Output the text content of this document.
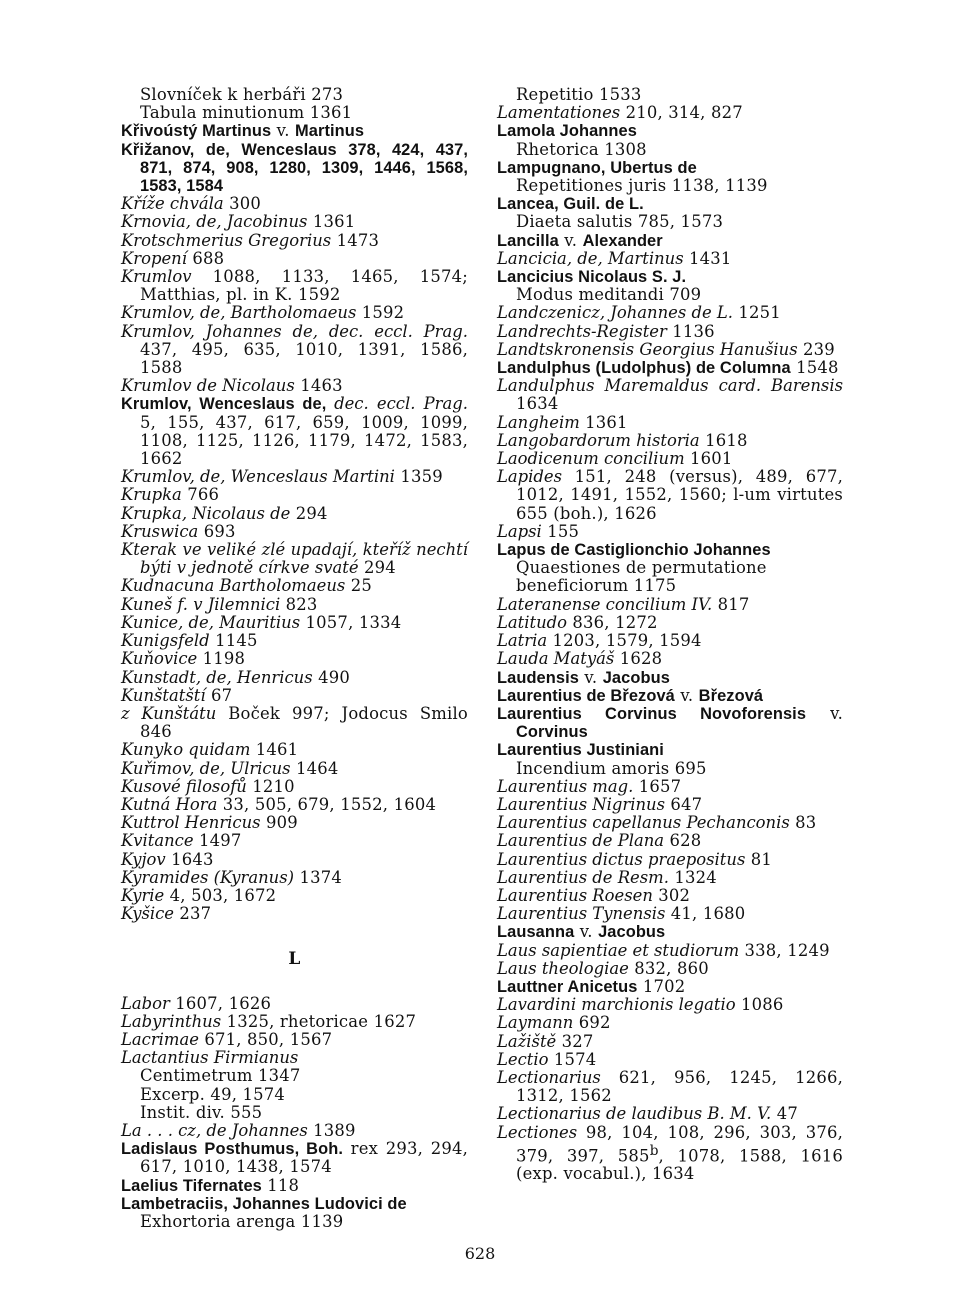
Slovníček k herbáři 273
Tabula minutionum 1361
Křivoústý Martinus v. Martinus
Křižanov, de, Wenceslaus 378, 424, 437, 871, 874, 908, 1280, 1309, 1446, 1568, 1583, 1584
Kříže chvála 300
Krnovia, de, Jacobinus 1361
Krotschmerius Gregorius 1473
Kropení 688
Krumlov 1088, 1133, 1465, 1574; Matthias, pl. in K. 1592
Krumlov, de, Bartholomaeus 1592
Krumlov, Johannes de, dec. eccl. Prag. 437, 495, 635, 1010, 1391, 1586, 1588
Krumlov de Nicolaus 1463
Krumlov, Wenceslaus de, dec. eccl. Prag. 5, 155, 437, 617, 659, 1009, 1099, 1108, 1125, 1126, 1179, 1472, 1583, 1662
Krumlov, de, Wenceslaus Martini 1359
Krupka 766
Krupka, Nicolaus de 294
Kruswica 693
Kterak ve veliké zlé upadají, kteříž nechtí býti v jednotě církve svaté 294
Kudnacuna Bartholomaeus 25
Kuneš f. v Jilemnici 823
Kunice, de, Mauritius 1057, 1334
Kunigsfeld 1145
Kuňovice 1198
Kunstadt, de, Henricus 490
Kunštatští 67
z Kunštátu Boček 997; Jodocus Smilo 846
Kunyko quidam 1461
Kuřimov, de, Ulricus 1464
Kusové filosofů 1210
Kutná Hora 33, 505, 679, 1552, 1604
Kuttrol Henricus 909
Kvitance 1497
Kyjov 1643
Kyramides (Kyranus) 1374
Kyrie 4, 503, 1672
Kyšice 237
L
Labor 1607, 1626
Labyrinthus 1325, rhetoricae 1627
Lacrimae 671, 850, 1567
Lactantius Firmianus
Centimetrum 1347
Excerp. 49, 1574
Instit. div. 555
La . . . cz, de Johannes 1389
Ladislaus Posthumus, Boh. rex 293, 294, 617, 1010, 1438, 1574
Laelius Tifernates 118
Lambetraciis, Johannes Ludovici de
Exhortoria arenga 1139
Repetitio 1533
Lamentationes 210, 314, 827
Lamola Johannes
Rhetorica 1308
Lampugnano, Ubertus de
Repetitiones juris 1138, 1139
Lancea, Guil. de L.
Diaeta salutis 785, 1573
Lancilla v. Alexander
Lancicia, de, Martinus 1431
Lancicius Nicolaus S. J.
Modus meditandi 709
Landczenicz, Johannes de L. 1251
Landrechts-Register 1136
Landtskronensis Georgius Hanušius 239
Landulphus (Ludolphus) de Columna 1548
Landulphus Maremaldus card. Barensis 1634
Langheim 1361
Langobardorum historia 1618
Laodicenum concilium 1601
Lapides 151, 248 (versus), 489, 677, 1012, 1491, 1552, 1560; l-um virtutes 655 (boh.), 1626
Lapsi 155
Lapus de Castiglionchio Johannes
Quaestiones de permutatione beneficiorum 1175
Lateranense concilium IV. 817
Latitudo 836, 1272
Latria 1203, 1579, 1594
Lauda Matyáš 1628
Laudensis v. Jacobus
Laurentius de Březová v. Březová
Laurentius Corvinus Novoforensis v. Corvinus
Laurentius Justiniani
Incendium amoris 695
Laurentius mag. 1657
Laurentius Nigrinus 647
Laurentius capellanus Pechanconis 83
Laurentius de Plana 628
Laurentius dictus praepositus 81
Laurentius de Resm. 1324
Laurentius Roesen 302
Laurentius Tynensis 41, 1680
Lausanna v. Jacobus
Laus sapientiae et studiorum 338, 1249
Laus theologiae 832, 860
Lauttner Anicetus 1702
Lavardini marchionis legatio 1086
Laymann 692
Lažiště 327
Lectio 1574
Lectionarius 621, 956, 1245, 1266, 1312, 1562
Lectionarius de laudibus B. M. V. 47
Lectiones 98, 104, 108, 296, 303, 376, 379, 397, 585$^b$, 1078, 1588, 1616 (exp. vocabul.), 1634
628
